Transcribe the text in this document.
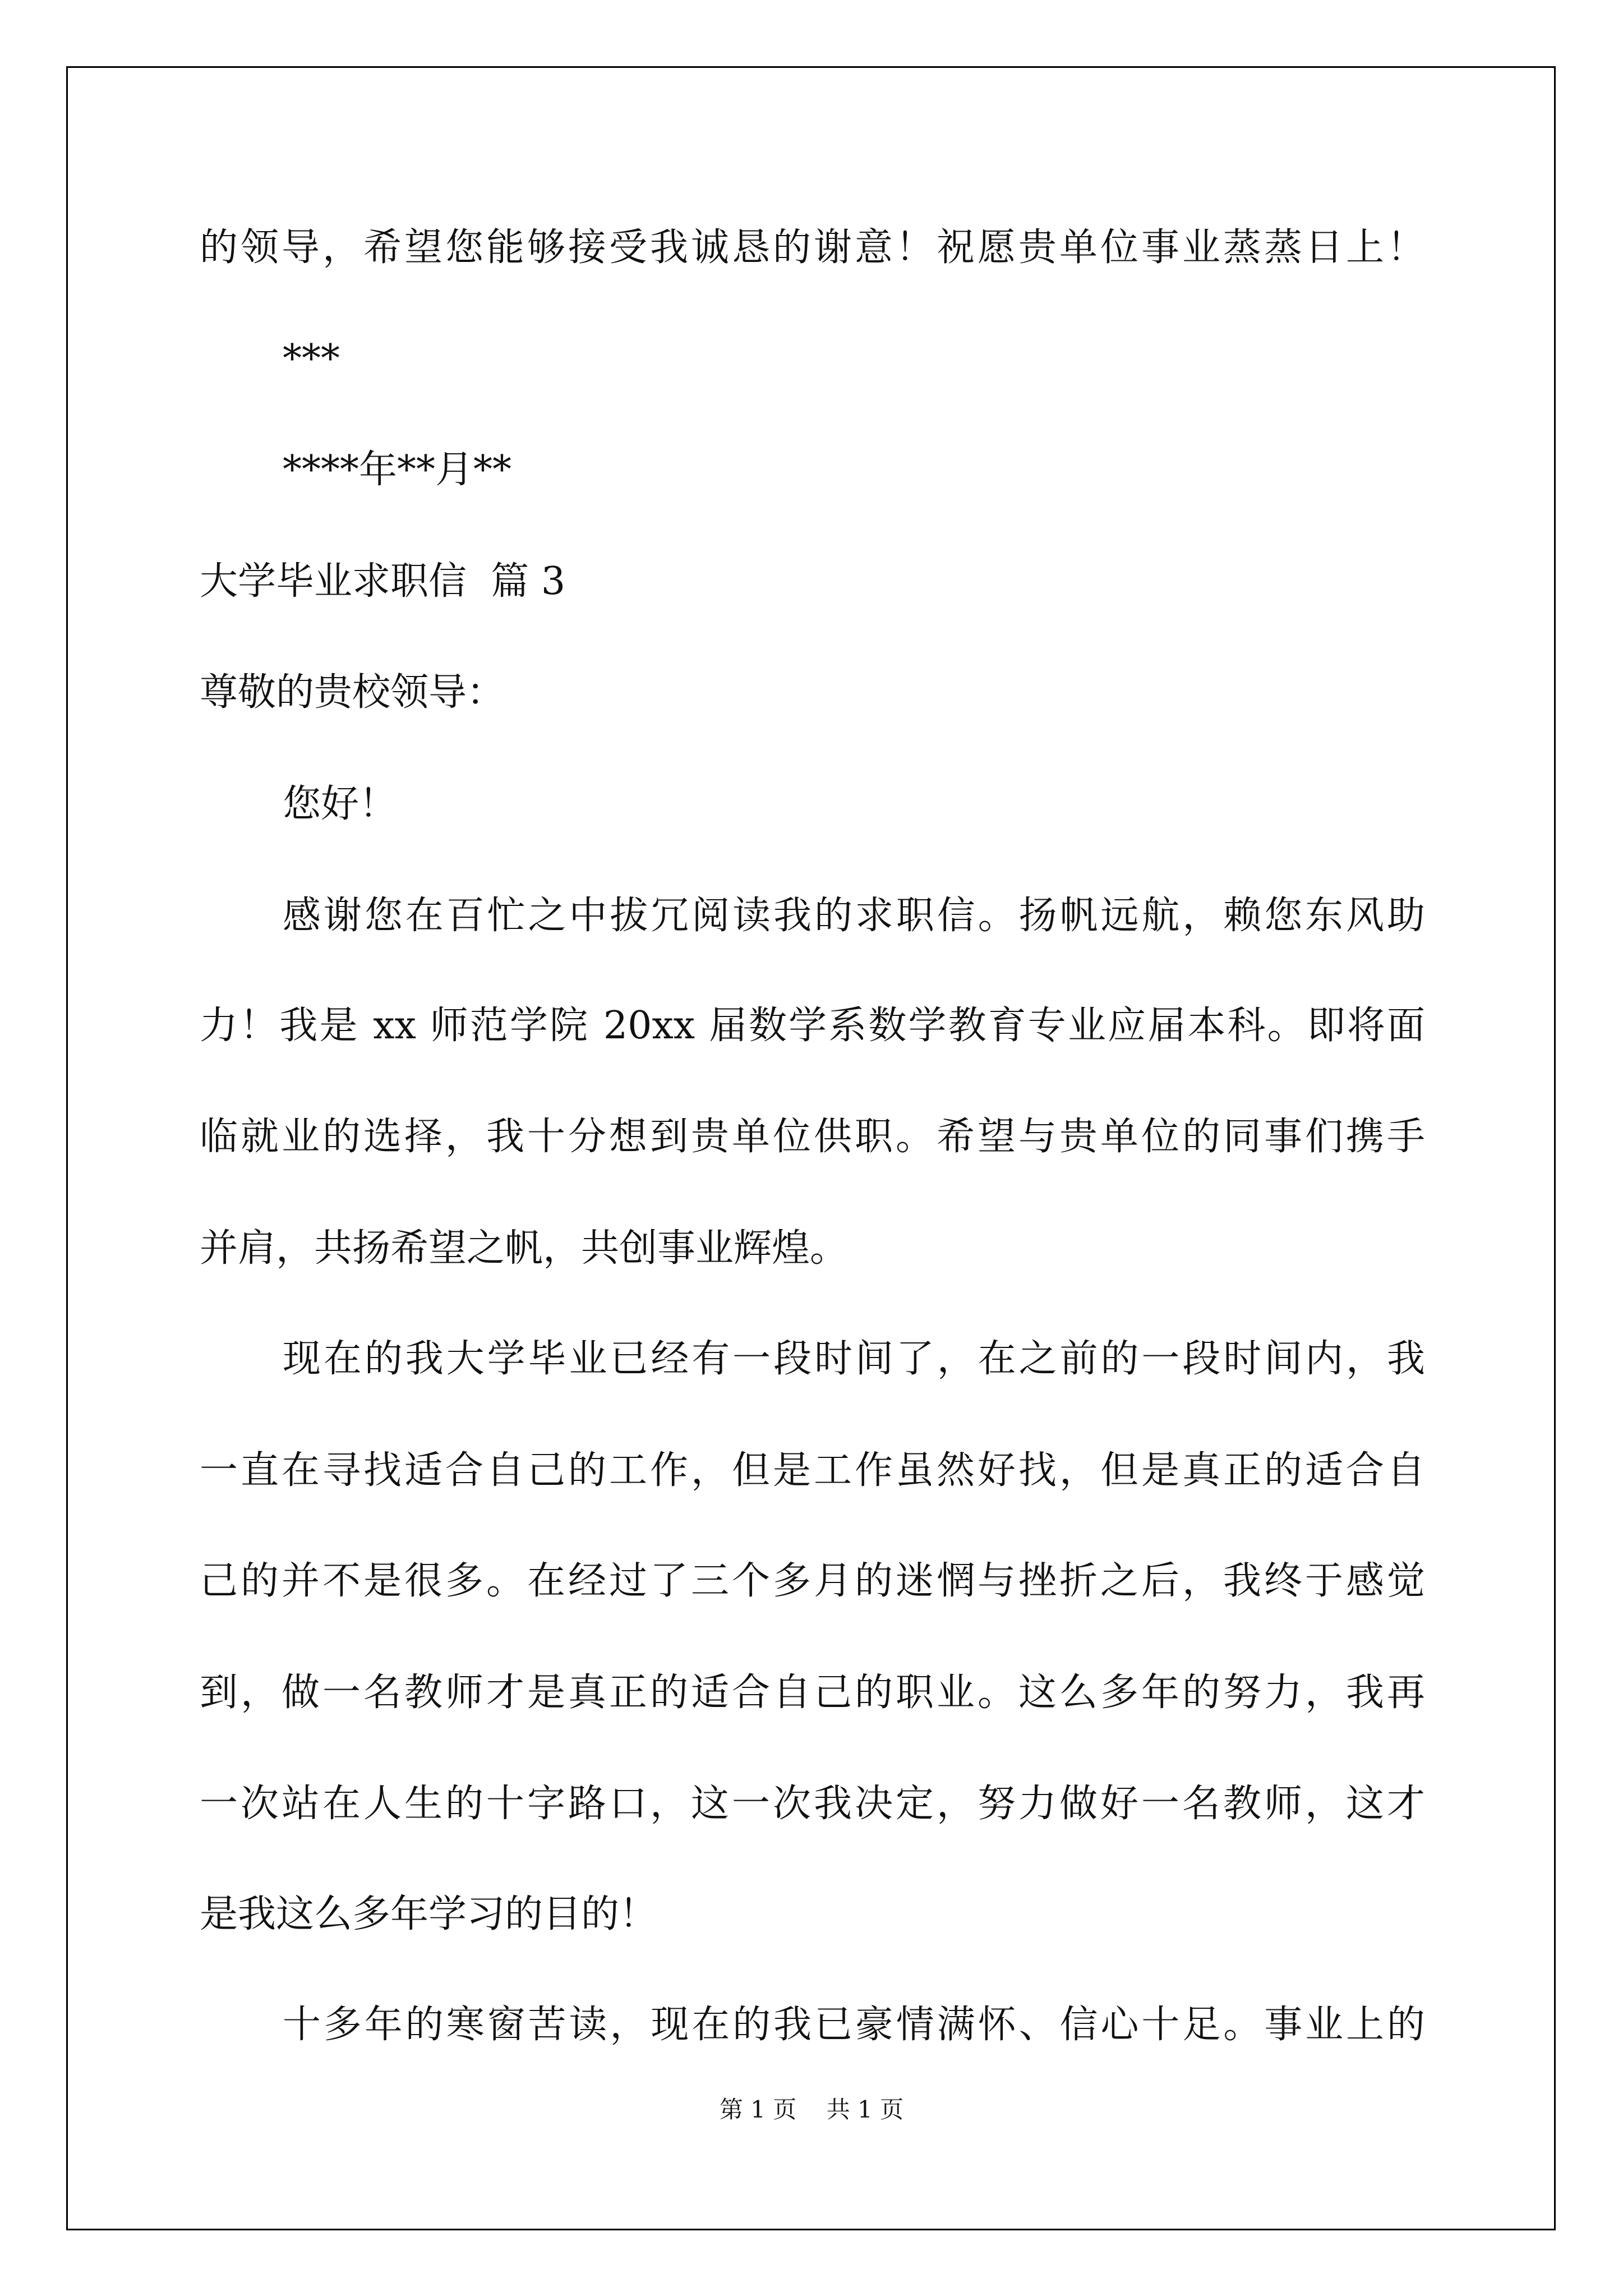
的领导，希望您能够接受我诚恳的谢意！祝愿贵单位事业蒸蒸日上！

***

****年**月**

大学毕业求职信  篇 3

尊敬的贵校领导：

您好！

感谢您在百忙之中拔冗阅读我的求职信。扬帆远航，赖您东风助

力！我是 xx 师范学院 20xx 届数学系数学教育专业应届本科。即将面

临就业的选择，我十分想到贵单位供职。希望与贵单位的同事们携手

并肩，共扬希望之帆，共创事业辉煌。

现在的我大学毕业已经有一段时间了，在之前的一段时间内，我

一直在寻找适合自己的工作，但是工作虽然好找，但是真正的适合自

己的并不是很多。在经过了三个多月的迷惘与挫折之后，我终于感觉

到，做一名教师才是真正的适合自己的职业。这么多年的努力，我再

一次站在人生的十字路口，这一次我决定，努力做好一名教师，这才

是我这么多年学习的目的！

十多年的寒窗苦读，现在的我已豪情满怀、信心十足。事业上的

第 1 页    共 1 页
